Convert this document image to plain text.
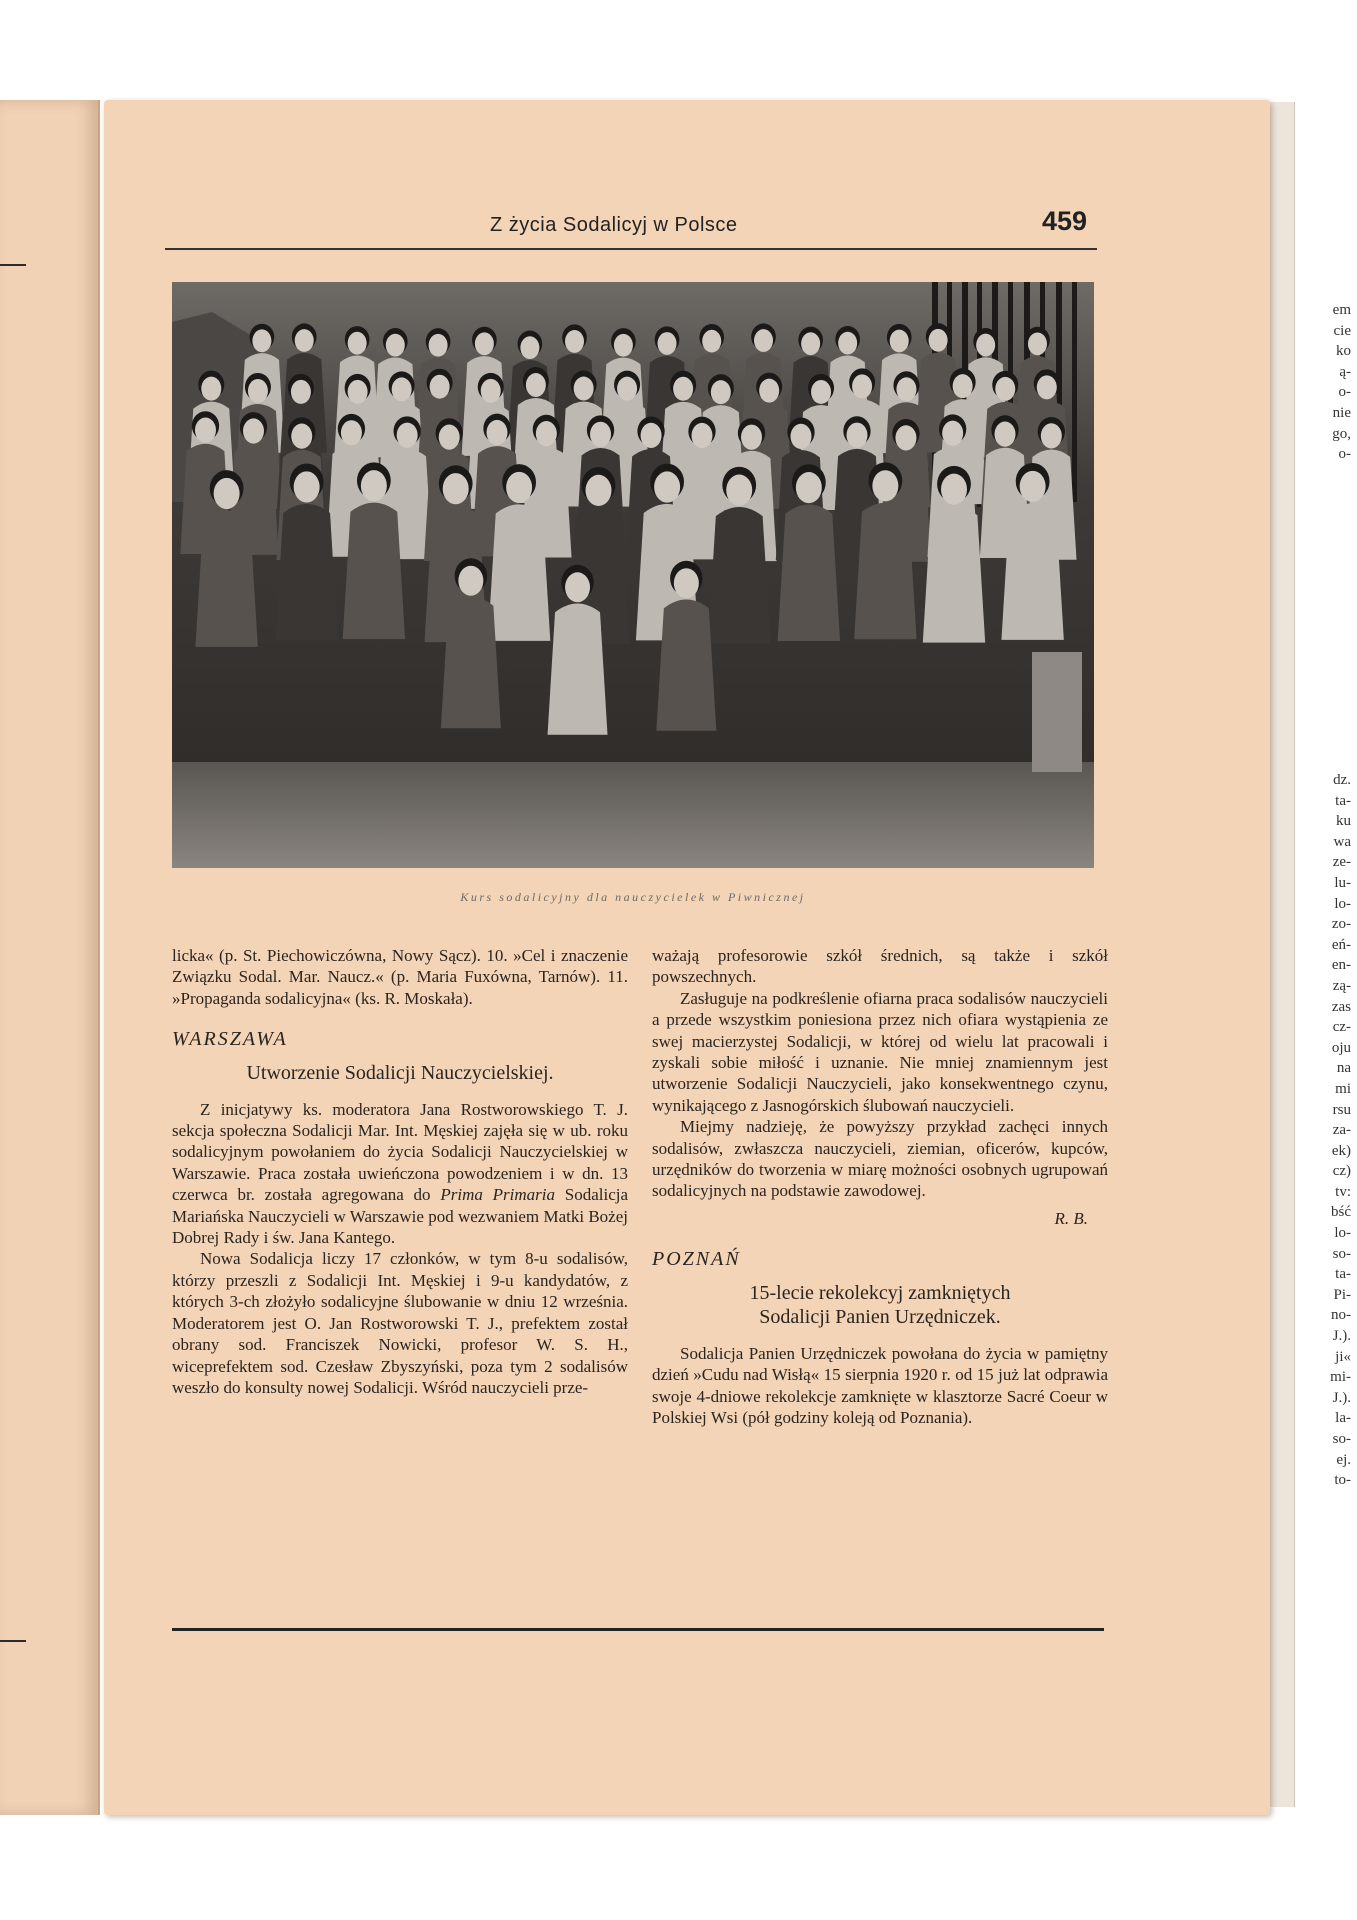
em
cie
ko
ą-
o-
nie
go,
o-
dz.
ta-
ku
wa
ze-
lu-
lo-
zo-
eń-
en-
zą-
zas
cz-
oju
na
mi
rsu
za-
ek)
cz)
tv:
bść
lo-
so-
ta-
Pi-
no-
J.).
ji«
mi-
J.).
la-
so-
ej.
to-
Z życia Sodalicyj w Polsce	459
Kurs sodalicyjny dla nauczycielek w Piwnicznej

licka« (p. St. Piechowiczówna, Nowy Sącz). 10. »Cel i znaczenie Związku Sodal. Mar. Naucz.« (p. Maria Fuxówna, Tarnów). 11. »Propaganda sodalicyjna« (ks. R. Moskała).

WARSZAWA
Utworzenie Sodalicji Nauczycielskiej.

Z inicjatywy ks. moderatora Jana Rostworowskiego T. J. sekcja społeczna Sodalicji Mar. Int. Męskiej zajęła się w ub. roku sodalicyjnym powołaniem do życia Sodalicji Nauczycielskiej w Warszawie. Praca została uwieńczona powodzeniem i w dn. 13 czerwca br. została agregowana do Prima Primaria Sodalicja Mariańska Nauczycieli w Warszawie pod wezwaniem Matki Bożej Dobrej Rady i św. Jana Kantego.

Nowa Sodalicja liczy 17 członków, w tym 8-u sodalisów, którzy przeszli z Sodalicji Int. Męskiej i 9-u kandydatów, z których 3-ch złożyło sodalicyjne ślubowanie w dniu 12 września. Moderatorem jest O. Jan Rostworowski T. J., prefektem został obrany sod. Franciszek Nowicki, profesor W. S. H., wiceprefektem sod. Czesław Zbyszyński, poza tym 2 sodalisów weszło do konsulty nowej Sodalicji. Wśród nauczycieli prze-

ważają profesorowie szkół średnich, są także i szkół powszechnych.

Zasługuje na podkreślenie ofiarna praca sodalisów nauczycieli a przede wszystkim poniesiona przez nich ofiara wystąpienia ze swej macierzystej Sodalicji, w której od wielu lat pracowali i zyskali sobie miłość i uznanie. Nie mniej znamiennym jest utworzenie Sodalicji Nauczycieli, jako konsekwentnego czynu, wynikającego z Jasnogórskich ślubowań nauczycieli.

Miejmy nadzieję, że powyższy przykład zachęci innych sodalisów, zwłaszcza nauczycieli, ziemian, oficerów, kupców, urzędników do tworzenia w miarę możności osobnych ugrupowań sodalicyjnych na podstawie zawodowej.

R. B.

POZNAŃ
15-lecie rekolekcyj zamkniętych
Sodalicji Panien Urzędniczek.

Sodalicja Panien Urzędniczek powołana do życia w pamiętny dzień »Cudu nad Wisłą« 15 sierpnia 1920 r. od 15 już lat odprawia swoje 4-dniowe rekolekcje zamknięte w klasztorze Sacré Coeur w Polskiej Wsi (pół godziny koleją od Poznania).
